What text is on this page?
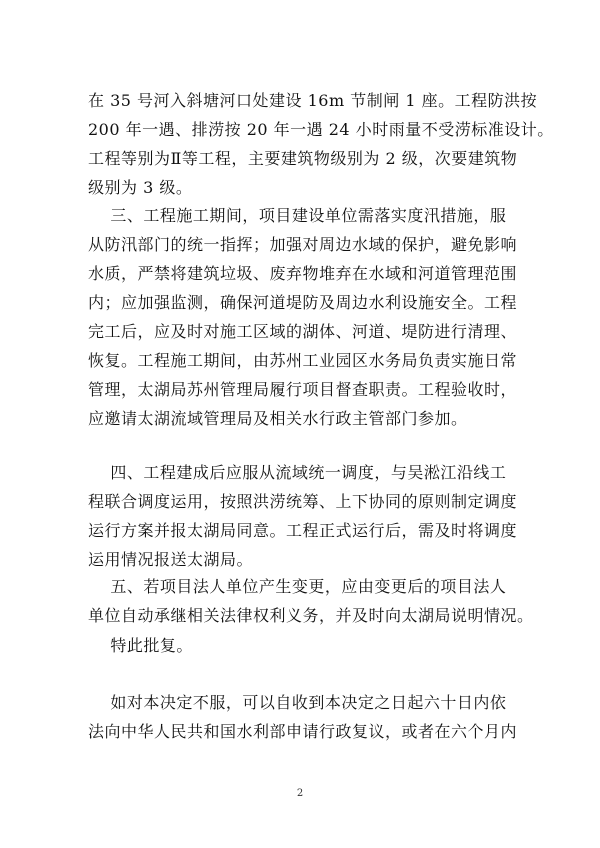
在 35 号河入斜塘河口处建设 16m 节制闸 1 座。工程防洪按
200 年一遇、排涝按 20 年一遇 24 小时雨量不受涝标准设计。
工程等别为Ⅱ等工程，主要建筑物级别为 2 级，次要建筑物
级别为 3 级。

三、工程施工期间，项目建设单位需落实度汛措施，服
从防汛部门的统一指挥；加强对周边水域的保护，避免影响
水质，严禁将建筑垃圾、废弃物堆弃在水域和河道管理范围
内；应加强监测，确保河道堤防及周边水利设施安全。工程
完工后，应及时对施工区域的湖体、河道、堤防进行清理、
恢复。工程施工期间，由苏州工业园区水务局负责实施日常
管理，太湖局苏州管理局履行项目督查职责。工程验收时，
应邀请太湖流域管理局及相关水行政主管部门参加。

四、工程建成后应服从流域统一调度，与吴淞江沿线工
程联合调度运用，按照洪涝统筹、上下协同的原则制定调度
运行方案并报太湖局同意。工程正式运行后，需及时将调度
运用情况报送太湖局。

五、若项目法人单位产生变更，应由变更后的项目法人
单位自动承继相关法律权利义务，并及时向太湖局说明情况。

特此批复。

如对本决定不服，可以自收到本决定之日起六十日内依
法向中华人民共和国水利部申请行政复议，或者在六个月内

2
